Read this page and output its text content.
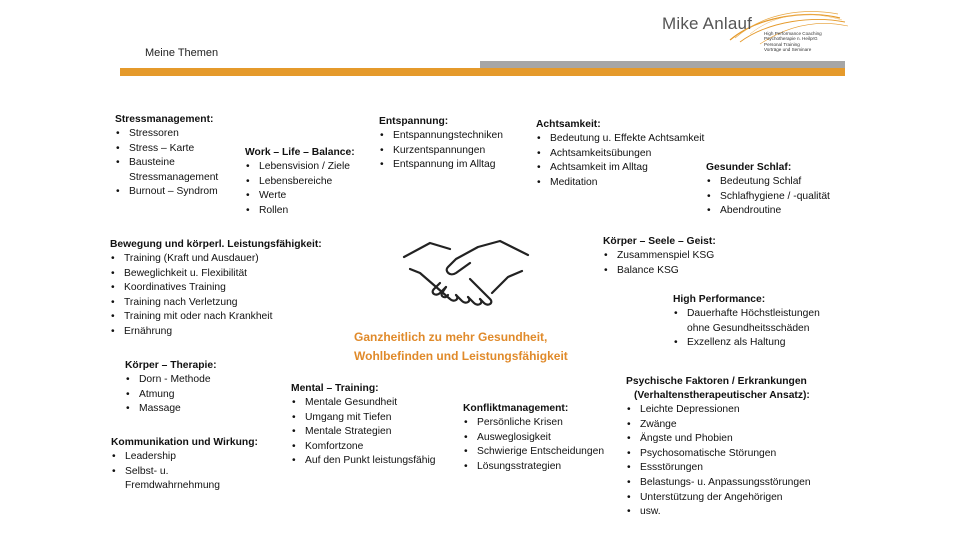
Meine Themen
Mike Anlauf
High Performance Coaching
Psychotherapie n. HeilprG
Personal Training
Vorträge und Seminare
Stressmanagement:
• Stressoren
• Stress – Karte
• Bausteine
Stressmanagement
• Burnout – Syndrom
Work – Life – Balance:
• Lebensvision / Ziele
• Lebensbereiche
• Werte
• Rollen
Entspannung:
• Entspannungstechniken
• Kurzentspannungen
• Entspannung im Alltag
Achtsamkeit:
• Bedeutung u. Effekte Achtsamkeit
• Achtsamkeitsübungen
• Achtsamkeit im Alltag
• Meditation
Gesunder Schlaf:
• Bedeutung Schlaf
• Schlafhygiene / -qualität
• Abendroutine
Bewegung und körperl. Leistungsfähigkeit:
• Training (Kraft und Ausdauer)
• Beweglichkeit u. Flexibilität
• Koordinatives Training
• Training nach Verletzung
• Training mit oder nach Krankheit
• Ernährung
Körper – Seele – Geist:
• Zusammenspiel KSG
• Balance KSG
High Performance:
• Dauerhafte Höchstleistungen
ohne Gesundheitsschäden
• Exzellenz als Haltung
Ganzheitlich zu mehr Gesundheit,
Wohlbefinden und Leistungsfähigkeit
Körper – Therapie:
• Dorn - Methode
• Atmung
• Massage
Mental – Training:
• Mentale Gesundheit
• Umgang mit Tiefen
• Mentale Strategien
• Komfortzone
• Auf den Punkt leistungsfähig
Konfliktmanagement:
• Persönliche Krisen
• Ausweglosigkeit
• Schwierige Entscheidungen
• Lösungsstrategien
Psychische Faktoren / Erkrankungen
(Verhaltenstherapeutischer Ansatz):
• Leichte Depressionen
• Zwänge
• Ängste und Phobien
• Psychosomatische Störungen
• Essstörungen
• Belastungs- u. Anpassungsstörungen
• Unterstützung der Angehörigen
• usw.
Kommunikation und Wirkung:
• Leadership
• Selbst- u.
Fremdwahrnehmung
